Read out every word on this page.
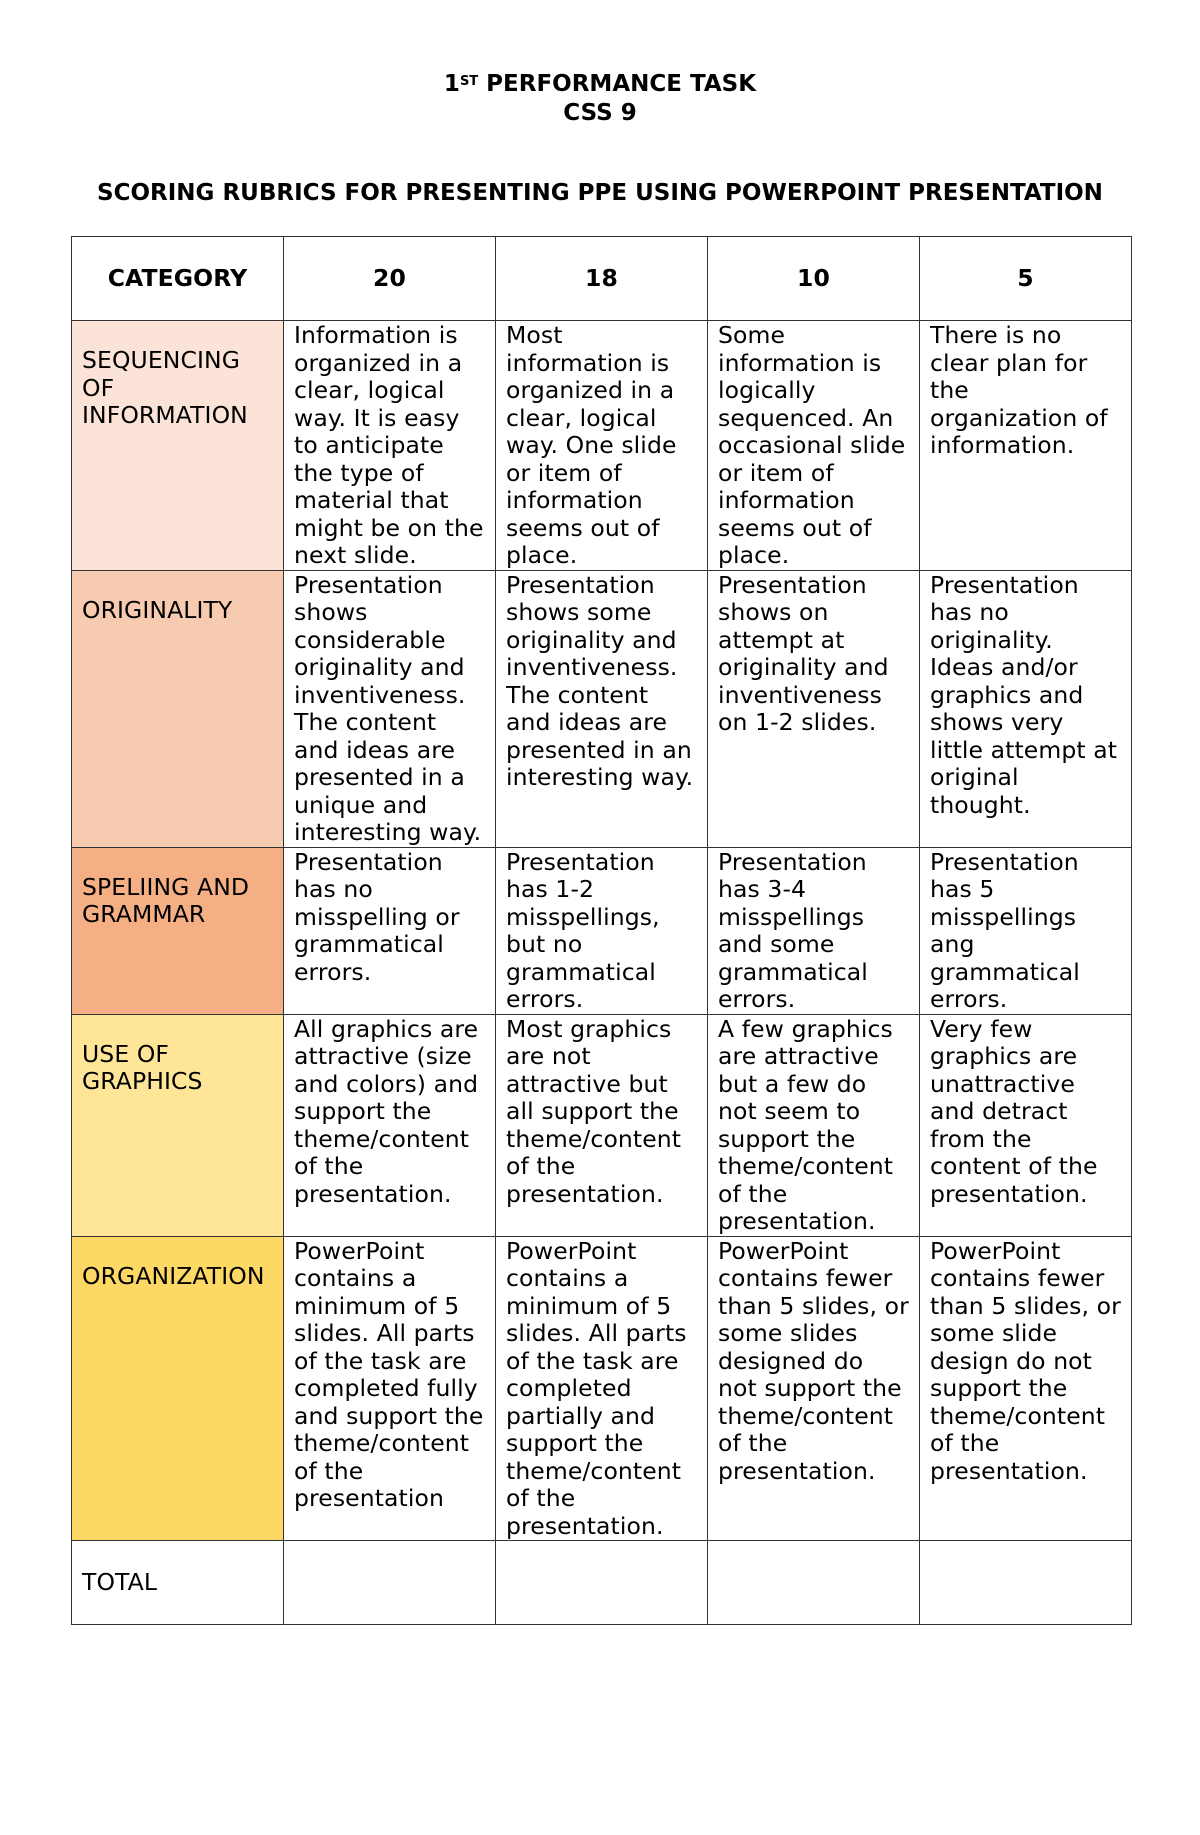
1ST PERFORMANCE TASK
CSS 9
SCORING RUBRICS FOR PRESENTING PPE USING POWERPOINT PRESENTATION
CATEGORY	20	18	10	5
SEQUENCING OF INFORMATION	Information is organized in a clear, logical way. It is easy to anticipate the type of material that might be on the next slide.	Most information is organized in a clear, logical way. One slide or item of information seems out of place.	Some information is logically sequenced. An occasional slide or item of information seems out of place.	There is no clear plan for the organization of information.
ORIGINALITY	Presentation shows considerable originality and inventiveness. The content and ideas are presented in a unique and interesting way.	Presentation shows some originality and inventiveness. The content and ideas are presented in an interesting way.	Presentation shows on attempt at originality and inventiveness on 1-2 slides.	Presentation has no originality. Ideas and/or graphics and shows very little attempt at original thought.
SPELIING AND GRAMMAR	Presentation has no misspelling or grammatical errors.	Presentation has 1-2 misspellings, but no grammatical errors.	Presentation has 3-4 misspellings and some grammatical errors.	Presentation has 5 misspellings ang grammatical errors.
USE OF GRAPHICS	All graphics are attractive (size and colors) and support the theme/content of the presentation.	Most graphics are not attractive but all support the theme/content of the presentation.	A few graphics are attractive but a few do not seem to support the theme/content of the presentation.	Very few graphics are unattractive and detract from the content of the presentation.
ORGANIZATION	PowerPoint contains a minimum of 5 slides. All parts of the task are completed fully and support the theme/content of the presentation	PowerPoint contains a minimum of 5 slides. All parts of the task are completed partially and support the theme/content of the presentation.	PowerPoint contains fewer than 5 slides, or some slides designed do not support the theme/content of the presentation.	PowerPoint contains fewer than 5 slides, or some slide design do not support the theme/content of the presentation.
TOTAL				
